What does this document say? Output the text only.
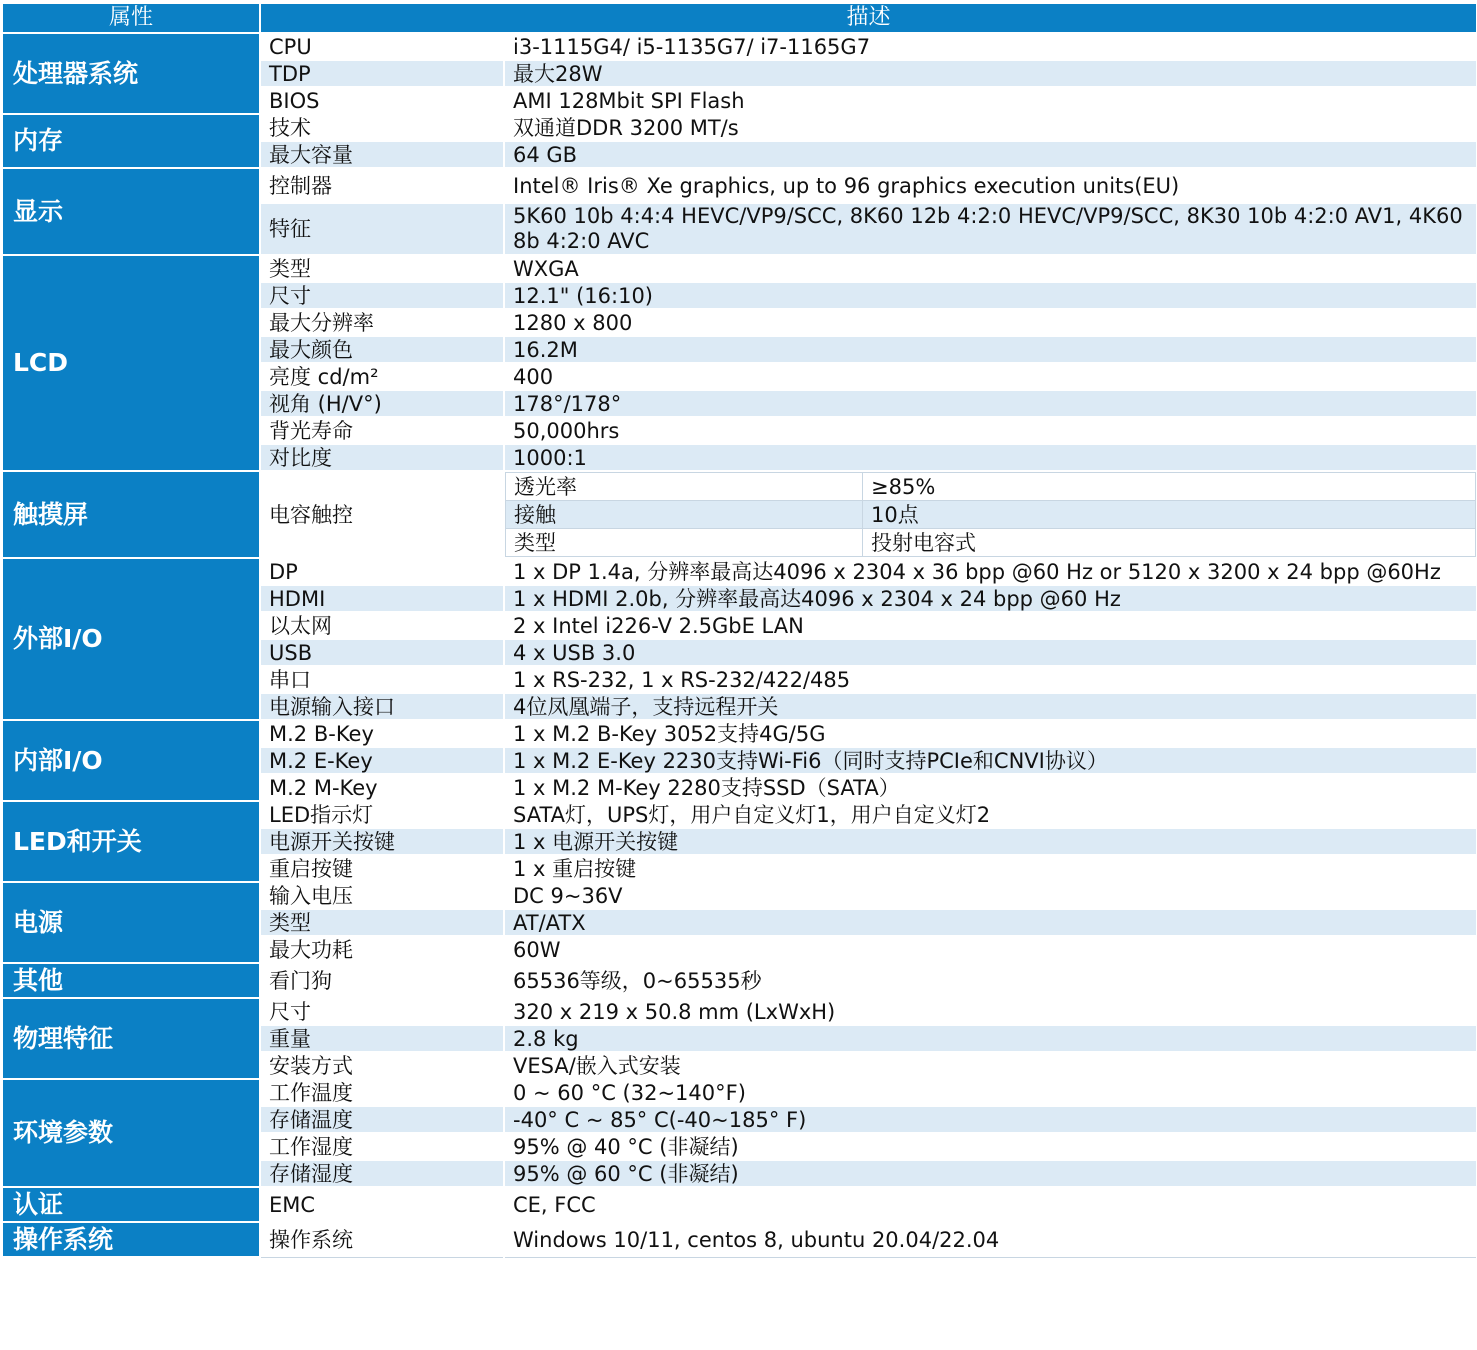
属性	描述
处理器系统	CPU	i3-1115G4/ i5-1135G7/ i7-1165G7
TDP	最大28W
BIOS	AMI 128Mbit SPI Flash
内存	技术	双通道DDR 3200 MT/s
最大容量	64 GB
显示	控制器	Intel® Iris® Xe graphics, up to 96 graphics execution units(EU)
特征	5K60 10b 4:4:4 HEVC/VP9/SCC, 8K60 12b 4:2:0 HEVC/VP9/SCC, 8K30 10b 4:2:0 AV1, 4K60 8b 4:2:0 AVC
LCD	类型	WXGA
尺寸	12.1" (16:10)
最大分辨率	1280 x 800
最大颜色	16.2M
亮度 cd/m²	400
视角 (H/V°)	178°/178°
背光寿命	50,000hrs
对比度	1000:1
触摸屏	电容触控	
透光率	≥85%
接触	10点
类型	投射电容式

外部I/O	DP	1 x DP 1.4a, 分辨率最高达4096 x 2304 x 36 bpp @60 Hz or 5120 x 3200 x 24 bpp @60Hz
HDMI	1 x HDMI 2.0b, 分辨率最高达4096 x 2304 x 24 bpp @60 Hz
以太网	2 x Intel i226-V 2.5GbE LAN
USB	4 x USB 3.0
串口	1 x RS-232, 1 x RS-232/422/485
电源输入接口	4位凤凰端子，支持远程开关
内部I/O	M.2 B-Key	1 x M.2 B-Key 3052支持4G/5G
M.2 E-Key	1 x M.2 E-Key 2230支持Wi-Fi6（同时支持PCIe和CNVI协议）
M.2 M-Key	1 x M.2 M-Key 2280支持SSD（SATA）
LED和开关	LED指示灯	SATA灯，UPS灯，用户自定义灯1，用户自定义灯2
电源开关按键	1 x 电源开关按键
重启按键	1 x 重启按键
电源	输入电压	DC 9~36V
类型	AT/ATX
最大功耗	60W
其他	看门狗	65536等级，0~65535秒
物理特征	尺寸	320 x 219 x 50.8 mm (LxWxH)
重量	2.8 kg
安装方式	VESA/嵌入式安装
环境参数	工作温度	0 ~ 60 °C (32~140°F)
存储温度	-40° C ~ 85° C(-40~185° F)
工作湿度	95% @ 40 °C (非凝结)
存储湿度	95% @ 60 °C (非凝结)
认证	EMC	CE, FCC
操作系统	操作系统	Windows 10/11, centos 8, ubuntu 20.04/22.04
